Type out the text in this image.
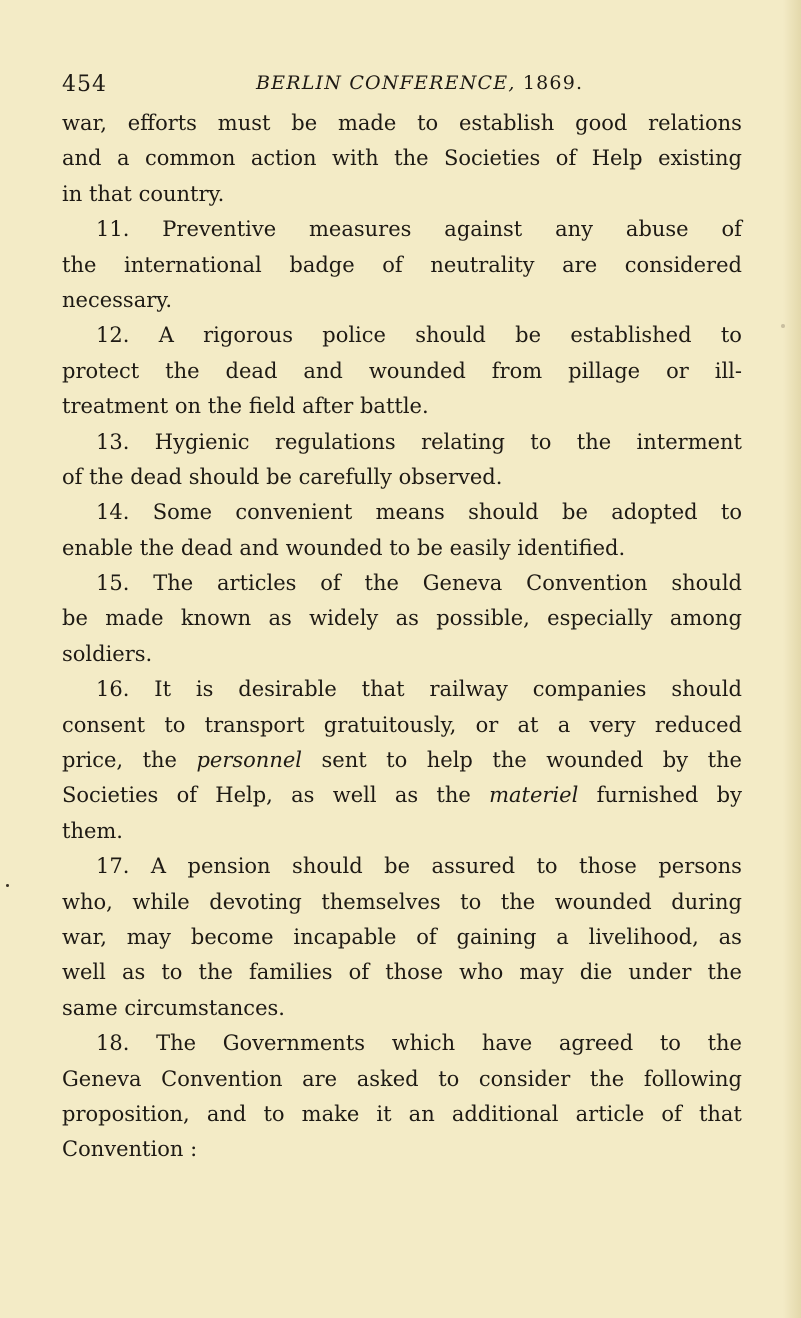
454	BERLIN CONFERENCE, 1869.
war, efforts must be made to establish good relations
and a common action with the Societies of Help existing
in that country.
11. Preventive measures against any abuse of
the international badge of neutrality are considered
necessary.
12. A rigorous police should be established to
protect the dead and wounded from pillage or ill-
treatment on the field after battle.
13. Hygienic regulations relating to the interment
of the dead should be carefully observed.
14. Some convenient means should be adopted to
enable the dead and wounded to be easily identified.
15. The articles of the Geneva Convention should
be made known as widely as possible, especially among
soldiers.
16. It is desirable that railway companies should
consent to transport gratuitously, or at a very reduced
price, the personnel sent to help the wounded by the
Societies of Help, as well as the materiel furnished by
them.
17. A pension should be assured to those persons
who, while devoting themselves to the wounded during
war, may become incapable of gaining a livelihood, as
well as to the families of those who may die under the
same circumstances.
18. The Governments which have agreed to the
Geneva Convention are asked to consider the following
proposition, and to make it an additional article of that
Convention :
